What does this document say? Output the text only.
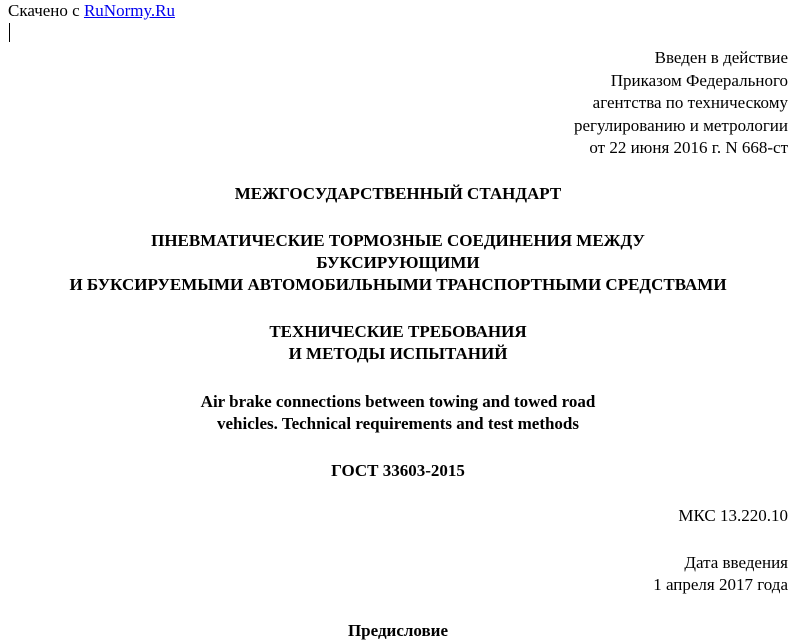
Скачено с RuNormy.Ru
Введен в действие
Приказом Федерального
агентства по техническому
регулированию и метрологии
от 22 июня 2016 г. N 668-ст
МЕЖГОСУДАРСТВЕННЫЙ СТАНДАРТ
ПНЕВМАТИЧЕСКИЕ ТОРМОЗНЫЕ СОЕДИНЕНИЯ МЕЖДУ
БУКСИРУЮЩИМИ
И БУКСИРУЕМЫМИ АВТОМОБИЛЬНЫМИ ТРАНСПОРТНЫМИ СРЕДСТВАМИ
ТЕХНИЧЕСКИЕ ТРЕБОВАНИЯ
И МЕТОДЫ ИСПЫТАНИЙ
Air brake connections between towing and towed road
vehicles. Technical requirements and test methods
ГОСТ 33603-2015
МКС 13.220.10
Дата введения
1 апреля 2017 года
Предисловие
